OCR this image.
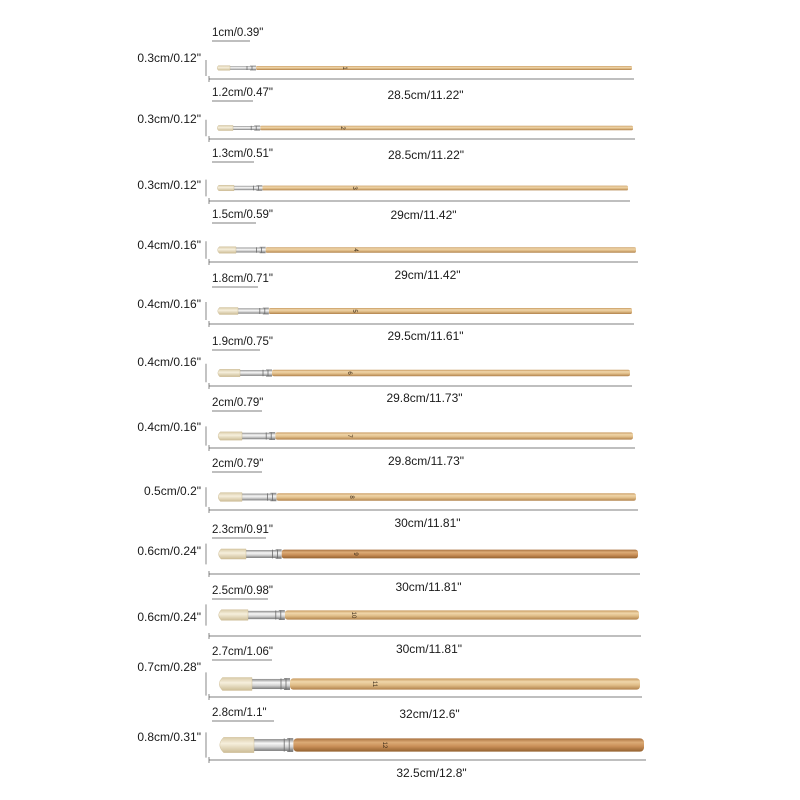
1
1cm/0.39"
0.3cm/0.12"
28.5cm/11.22"
2
1.2cm/0.47"
0.3cm/0.12"
28.5cm/11.22"
3
1.3cm/0.51"
0.3cm/0.12"
29cm/11.42"
4
1.5cm/0.59"
0.4cm/0.16"
29cm/11.42"
5
1.8cm/0.71"
0.4cm/0.16"
29.5cm/11.61"
6
1.9cm/0.75"
0.4cm/0.16"
29.8cm/11.73"
7
2cm/0.79"
0.4cm/0.16"
29.8cm/11.73"
8
2cm/0.79"
0.5cm/0.2"
30cm/11.81"
9
2.3cm/0.91"
0.6cm/0.24"
30cm/11.81"
10
2.5cm/0.98"
0.6cm/0.24"
30cm/11.81"
11
2.7cm/1.06"
0.7cm/0.28"
32cm/12.6"
12
2.8cm/1.1"
0.8cm/0.31"
32.5cm/12.8"
